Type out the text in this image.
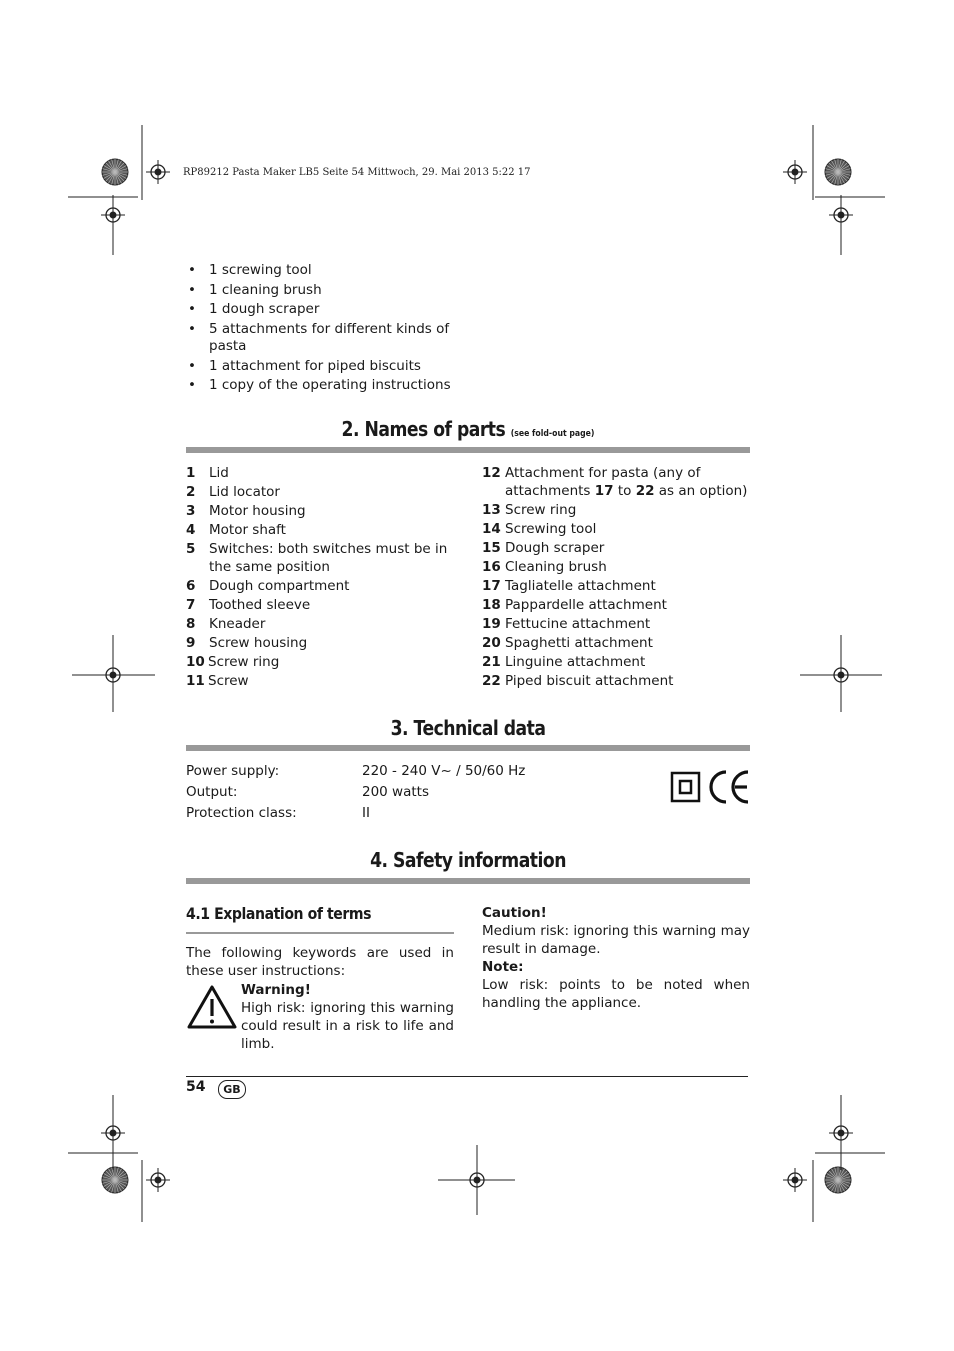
RP89212 Pasta Maker LB5 Seite 54 Mittwoch, 29. Mai 2013 5:22 17
• 1 screwing tool
• 1 cleaning brush
• 1 dough scraper
• 5 attachments for different kinds of pasta
• 1 attachment for piped biscuits
• 1 copy of the operating instructions
2. Names of parts (see fold-out page)
1 Lid
2 Lid locator
3 Motor housing
4 Motor shaft
5 Switches: both switches must be in the same position
6 Dough compartment
7 Toothed sleeve
8 Kneader
9 Screw housing
10 Screw ring
11 Screw
12 Attachment for pasta (any of attachments 17 to 22 as an option)
13 Screw ring
14 Screwing tool
15 Dough scraper
16 Cleaning brush
17 Tagliatelle attachment
18 Pappardelle attachment
19 Fettucine attachment
20 Spaghetti attachment
21 Linguine attachment
22 Piped biscuit attachment
3. Technical data
Power supply:	220 - 240 V~ / 50/60 Hz
Output:	200 watts
Protection class:	II
4. Safety information
4.1 Explanation of terms
The following keywords are used in these user instructions:
Warning!
High risk: ignoring this warning could result in a risk to life and limb.
Caution!
Medium risk: ignoring this warning may result in damage.
Note:
Low risk: points to be noted when handling the appliance.
54	GB
